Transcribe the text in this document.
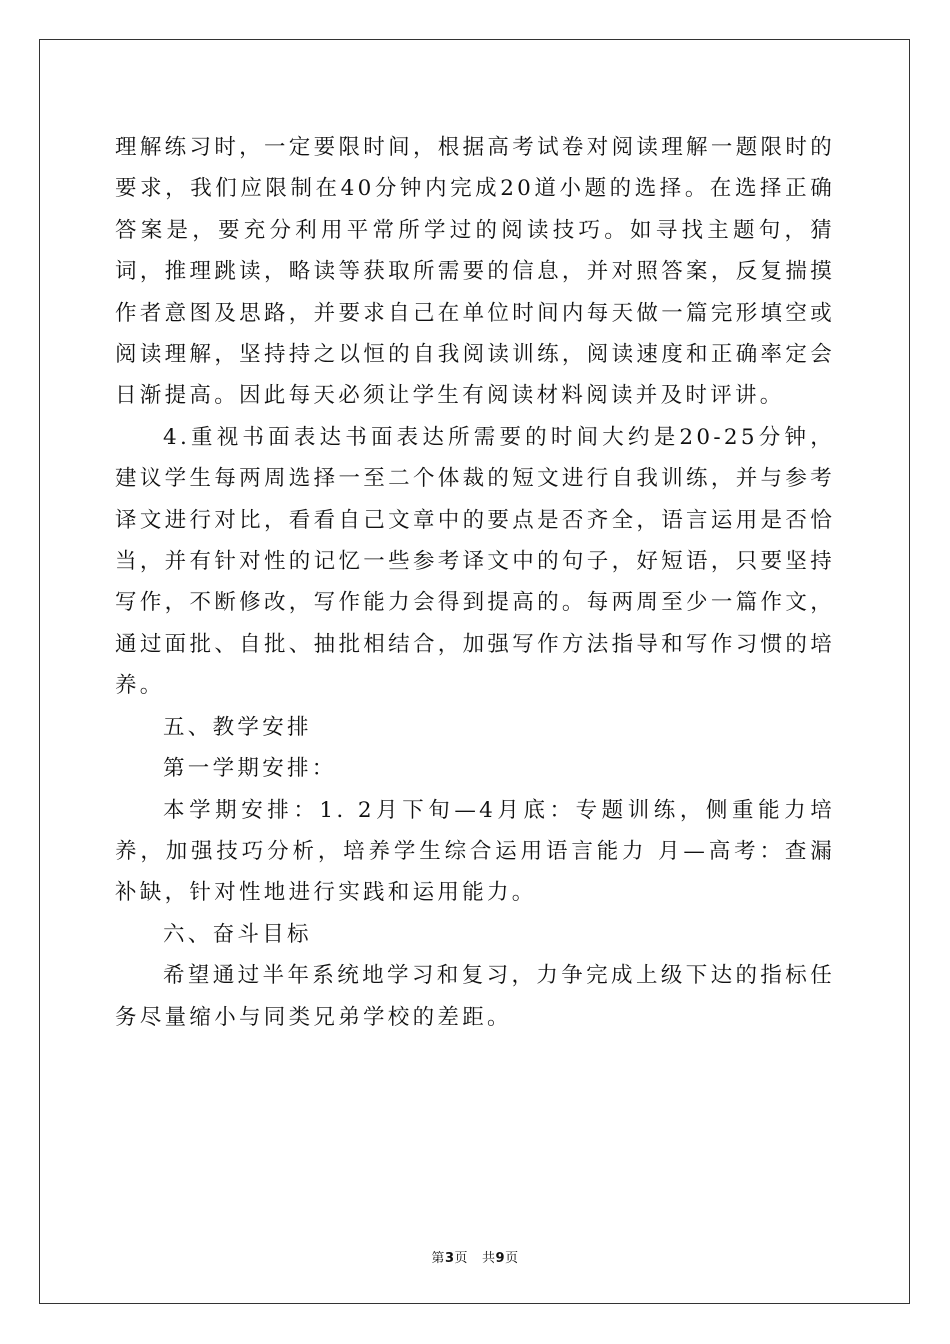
理解练习时，一定要限时间，根据高考试卷对阅读理解一题限时的要求，我们应限制在40分钟内完成20道小题的选择。在选择正确答案是，要充分利用平常所学过的阅读技巧。如寻找主题句，猜词，推理跳读，略读等获取所需要的信息，并对照答案，反复揣摸作者意图及思路，并要求自己在单位时间内每天做一篇完形填空或阅读理解，坚持持之以恒的自我阅读训练，阅读速度和正确率定会日渐提高。因此每天必须让学生有阅读材料阅读并及时评讲。

4.重视书面表达书面表达所需要的时间大约是20-25分钟，建议学生每两周选择一至二个体裁的短文进行自我训练，并与参考译文进行对比，看看自己文章中的要点是否齐全，语言运用是否恰当，并有针对性的记忆一些参考译文中的句子，好短语，只要坚持写作，不断修改，写作能力会得到提高的。每两周至少一篇作文，通过面批、自批、抽批相结合，加强写作方法指导和写作习惯的培养。

五、教学安排

第一学期安排：

本学期安排：1. 2月下旬—4月底：专题训练，侧重能力培养，加强技巧分析，培养学生综合运用语言能力 月—高考：查漏补缺，针对性地进行实践和运用能力。

六、奋斗目标

希望通过半年系统地学习和复习，力争完成上级下达的指标任务尽量缩小与同类兄弟学校的差距。

第3页 共9页
